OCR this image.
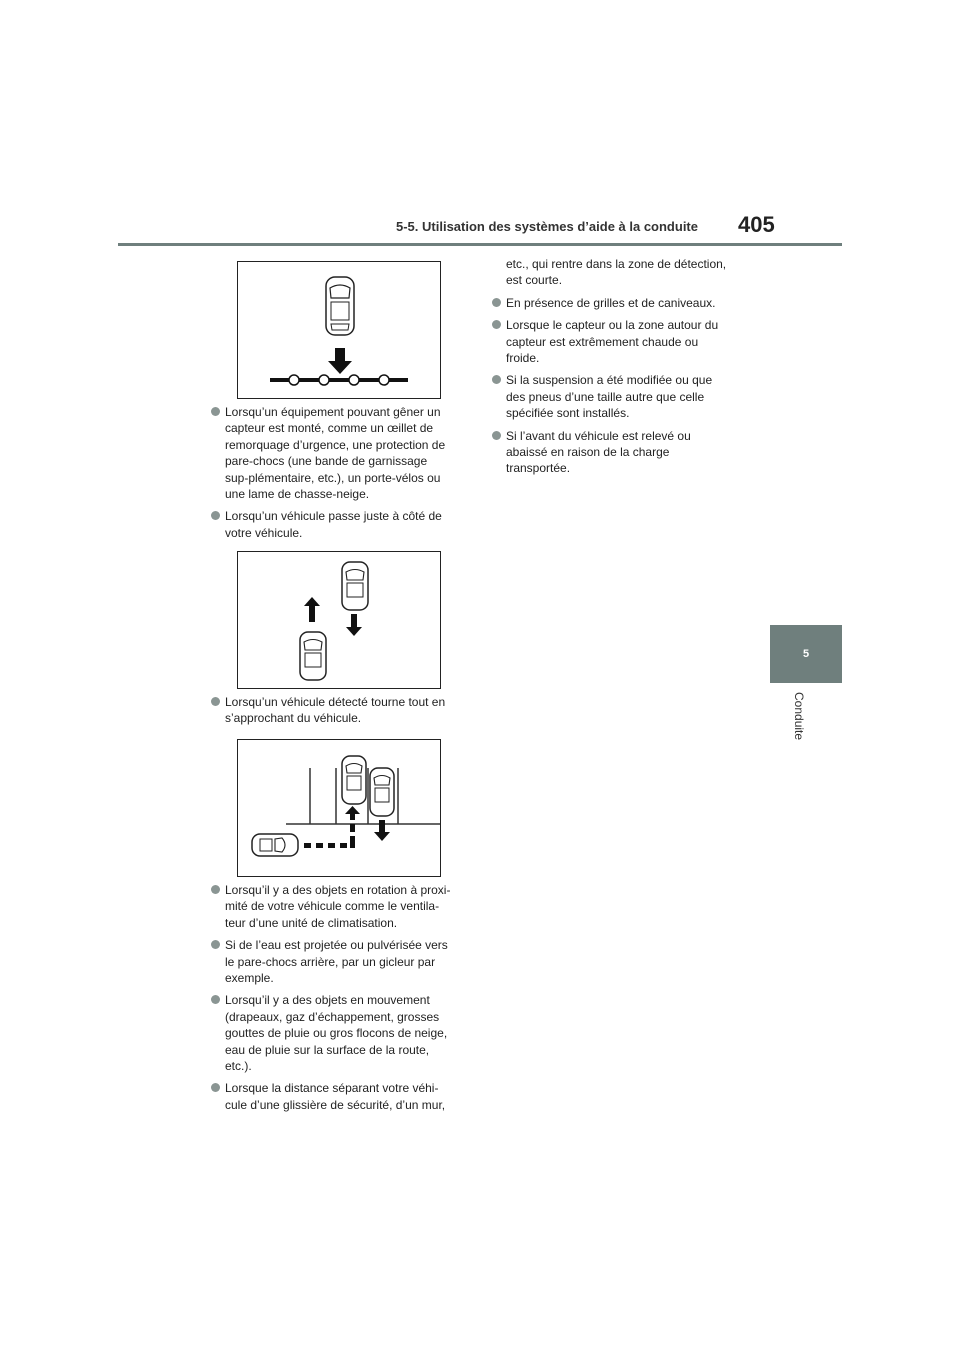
5-5. Utilisation des systèmes d’aide à la conduite 405
5
Conduite
Lorsqu’un équipement pouvant gêner un capteur est monté, comme un œillet de remorquage d’urgence, une protection de pare-chocs (une bande de garnissage sup-plémentaire, etc.), un porte-vélos ou une lame de chasse-neige.
Lorsqu’un véhicule passe juste à côté de votre véhicule.
Lorsqu’un véhicule détecté tourne tout en s’approchant du véhicule.
Lorsqu’il y a des objets en rotation à proxi-mité de votre véhicule comme le ventila-teur d’une unité de climatisation.
Si de l’eau est projetée ou pulvérisée vers le pare-chocs arrière, par un gicleur par exemple.
Lorsqu’il y a des objets en mouvement (drapeaux, gaz d’échappement, grosses gouttes de pluie ou gros flocons de neige, eau de pluie sur la surface de la route, etc.).
Lorsque la distance séparant votre véhi-cule d’une glissière de sécurité, d’un mur,
etc., qui rentre dans la zone de détection, est courte.
En présence de grilles et de caniveaux.
Lorsque le capteur ou la zone autour du capteur est extrêmement chaude ou froide.
Si la suspension a été modifiée ou que des pneus d’une taille autre que celle spécifiée sont installés.
Si l’avant du véhicule est relevé ou abaissé en raison de la charge transportée.
